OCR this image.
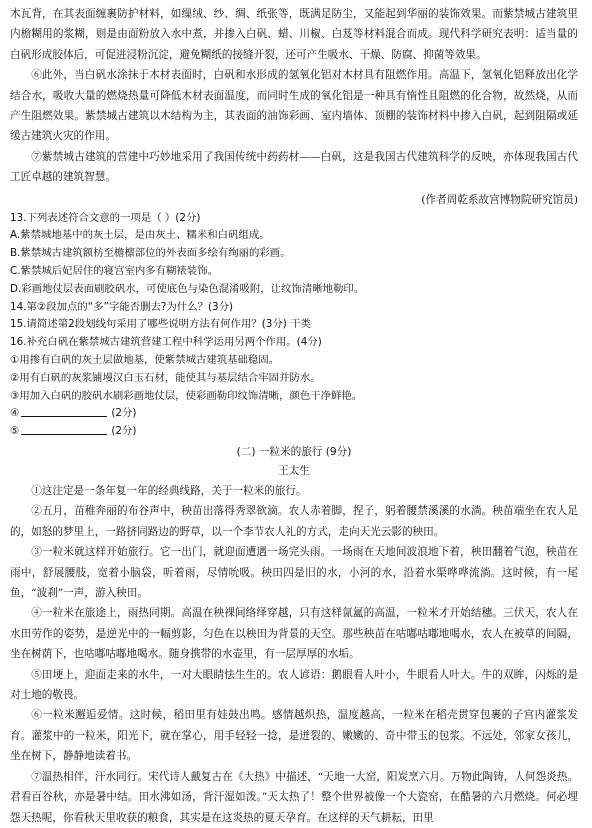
木瓦背，在其表面缠裹防护材料，如缫绒、纱、绸、纸张等，既满足防尘，又能起到华丽的装饰效果。而紫禁城古建筑里内檐糊用的浆糊，则是由面粉放入水中煮，并掺入白矾、蜡、川椒、白芨等材料混合而成。现代科学研究表明：适当量的白矾形成胶体后，可促进浸粉沉淀，避免糊纸的接缝开裂，还可产生吸水、干燥、防腐、抑菌等效果。

⑥此外，当白矾水涂抹于木材表面时，白矾和水形成的氢氧化铝对木材具有阻燃作用。高温下，氢氧化铝释放出化学结合水，吸收大量的燃烧热量可降低木材表面温度，而同时生成的氧化铝是一种具有惰性且阻燃的化合物，故然烧，从而产生阻燃效果。紫禁城古建筑以木结构为主，其表面的油饰彩画、室内墙体、顶棚的装饰材料中掺入白矾，起到阻隔或延缓古建筑火灾的作用。

⑦紫禁城古建筑的营建中巧妙地采用了我国传统中药药材——白矾，这是我国古代建筑科学的反映，亦体现我国古代工匠卓越的建筑智慧。

(作者周乾系故宫博物院研究馆员)

13.下列表述符合文意的一项是（ ）(2分)

A.紫禁城地基中的灰土层，是由灰土、糯米和白矾组成。

B.紫禁城古建筑额枋至檐檩部位的外表面多绘有绚丽的彩画。

C.紫禁城后妃居住的寝宫室内多有糊裱装饰。

D.彩画地仗层表面刷胶矾水，可使底色与染色混淆吸附，让纹饰清晰地勒印。

14.第②段加点的“多”字能否删去?为什么？(3分)

15.请简述第2段划线句采用了哪些说明方法有何作用？(3分) 干类

16.补充白矾在紫禁城古建筑营建工程中科学运用另两个作用。(4分)

①用掺有白矾的灰土层做地基，使紫禁城古建筑基础稳固。

②用有白矾的灰浆铺墁汉白玉石材，能使其与基层结合牢固并防水。

③用加入白矾的胶矾水刷彩画地仗层，使彩画勒印纹饰清晰，颜色干净鲜艳。

④	(2分)

⑤	(2分)

(二) 一粒米的旅行 (9分)

王太生

①这注定是一条年复一年的经典线路，关于一粒米的旅行。

②五月，苗稚奔丽的布谷声中，秧苗出落得秀翠欲滴。农人赤着脚，捏子，躬着腰禁溪溪的水淌。秧苗端坐在农人足的，如怒的梦里上，一路挤同路边的野草，以一个李节农人礼的方式，走向天光云影的秧田。

③一粒米就这样开始旅行。它一出门，就迎面遭遇一场完头雨。一场雨在天地间波浪地下着，秧田翻着气泡，秧苗在雨中，舒展腰肢，宽着小脑袋，听着雨，尽情吮吸。秧田四是旧的水，小河的水，沿着水渠哗哗流淌。这时候，有一尾鱼，“波刹”一声，游入秧田。

④一粒米在旅途上，雨热同期。高温在秧裸间络绎穿越，只有这样氤氲的高温，一粒米才开始结穗。三伏天，农人在水田劳作的姿势，是逆光中的一幅剪影，匀色在以秧田为背景的天空。那些秧苗在咕嘟咕嘟地喝水，农人在被草的间隔，坐在树荫下，也咕嘟咕嘟地喝水。随身携带的水壶里，有一层厚厚的水垢。

⑤田埂上，迎面走来的水牛，一对大眼睛怯生生的。农人谚语：鹅眼看人叶小，牛眼看人叶大。牛的双眸，闪烁的是对土地的敬畏。

⑥一粒米邂逅爱情。这时候，稻田里有娃鼓出鸣。感情越炽热，温度越高，一粒米在稻壳贯穿包裹的子宫内灌浆发育。灌浆中的一粒米，阳光下，就在掌心，用手轻轻一捻，是迸裂的、嫩嫩的、奇中带玉的包浆。不远处，邻家女孩儿，坐在树下，静静地读着书。

⑦温热相伴，汗水同行。宋代诗人戴复古在《大热》中描述，“天地一大窑，阳炭烹六月。万物此陶铸，人何怨炎热。君看百谷秋，亦是暑中结。田水沸如汤，背汗湿如泼。”天太热了！整个世界被像一个大瓷窑，在酷暑的六月燃烧。何必埋怨天热呢，你看秋天里收获的粮食，其实是在这炎热的夏天孕育。在这样的天气耕耘，田里
